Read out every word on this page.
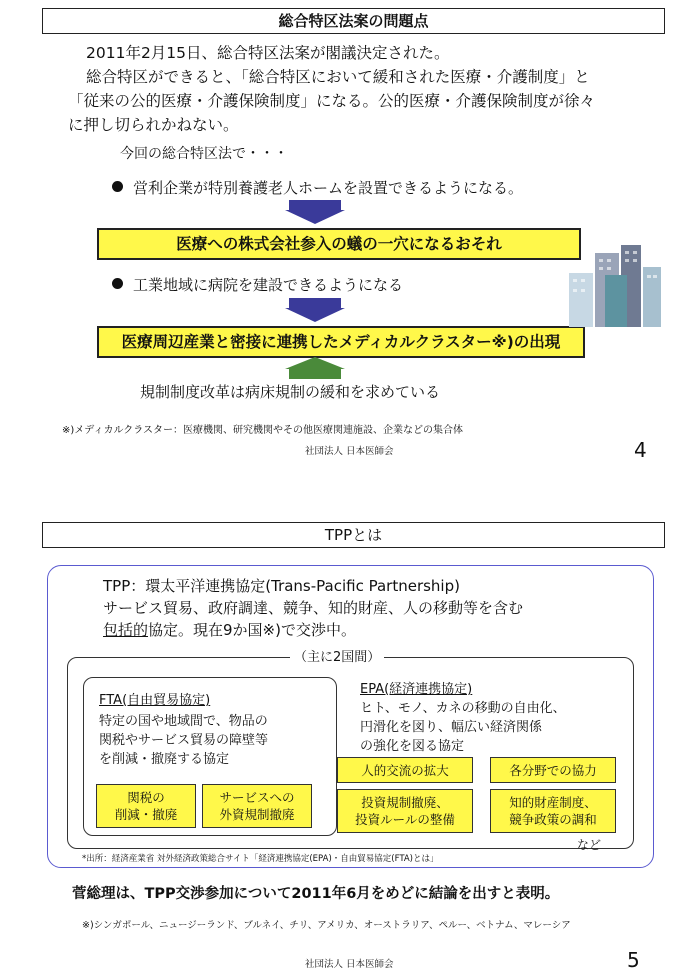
総合特区法案の問題点
2011年2月15日、総合特区法案が閣議決定された。
総合特区ができると、「総合特区において緩和された医療・介護制度」と
「従来の公的医療・介護保険制度」になる。公的医療・介護保険制度が徐々
に押し切られかねない。
今回の総合特区法で・・・
営利企業が特別養護老人ホームを設置できるようになる。
医療への株式会社参入の蟻の一穴になるおそれ
工業地域に病院を建設できるようになる
医療周辺産業と密接に連携したメディカルクラスター※)の出現
規制制度改革は病床規制の緩和を求めている
※)メディカルクラスター：医療機関、研究機関やその他医療関連施設、企業などの集合体
社団法人 日本医師会	4
TPPとは
TPP：環太平洋連携協定(Trans-Pacific Partnership)
サービス貿易、政府調達、競争、知的財産、人の移動等を含む
包括的協定。現在9か国※)で交渉中。
（主に2国間）
FTA(自由貿易協定)
特定の国や地域間で、物品の
関税やサービス貿易の障壁等
を削減・撤廃する協定
関税の
削減・撤廃
サービスへの
外資規制撤廃
EPA(経済連携協定)
ヒト、モノ、カネの移動の自由化、
円滑化を図り、幅広い経済関係
の強化を図る協定
人的交流の拡大	各分野での協力
投資規制撤廃、
投資ルールの整備
知的財産制度、
競争政策の調和
など
*出所：経済産業省 対外経済政策総合サイト「経済連携協定(EPA)・自由貿易協定(FTA)とは」
菅総理は、TPP交渉参加について2011年6月をめどに結論を出すと表明。
※)シンガポール、ニュージーランド、ブルネイ、チリ、アメリカ、オーストラリア、ペルー、ベトナム、マレーシア
社団法人 日本医師会	5
